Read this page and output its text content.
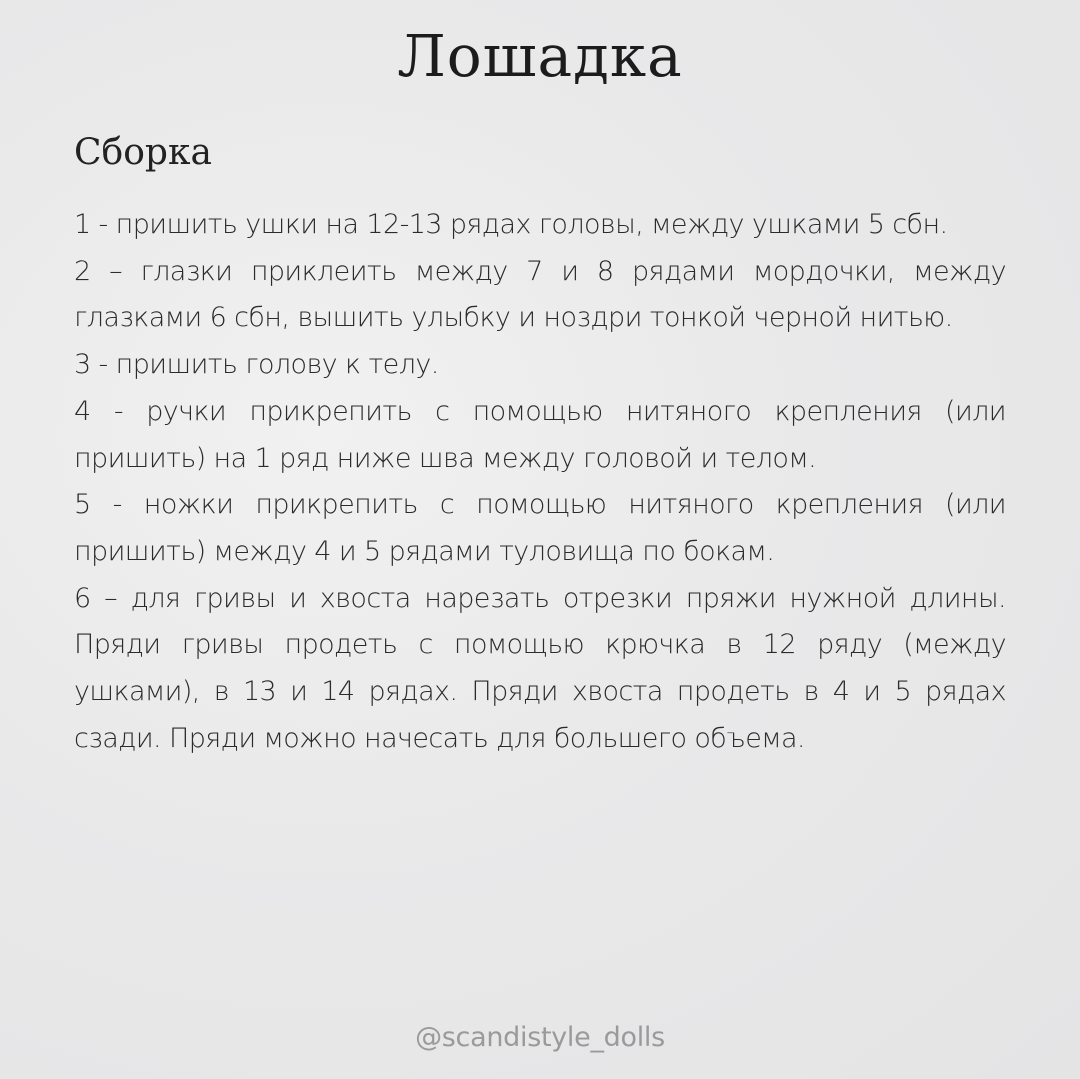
Лошадка
Сборка

1 - пришить ушки на 12-13 рядах головы, между ушками 5 сбн.

2 – глазки приклеить между 7 и 8 рядами мордочки, между глазками 6 сбн, вышить улыбку и ноздри тонкой черной нитью.

3 - пришить голову к телу.

4 - ручки прикрепить с помощью нитяного крепления (или пришить) на 1 ряд ниже шва между головой и телом.

5 - ножки прикрепить с помощью нитяного крепления (или пришить) между 4 и 5 рядами туловища по бокам.

6 – для гривы и хвоста нарезать отрезки пряжи нужной длины. Пряди гривы продеть с помощью крючка в 12 ряду (между ушками), в 13 и 14 рядах. Пряди хвоста продеть в 4 и 5 рядах сзади. Пряди можно начесать для большего объема.

@scandistyle_dolls
